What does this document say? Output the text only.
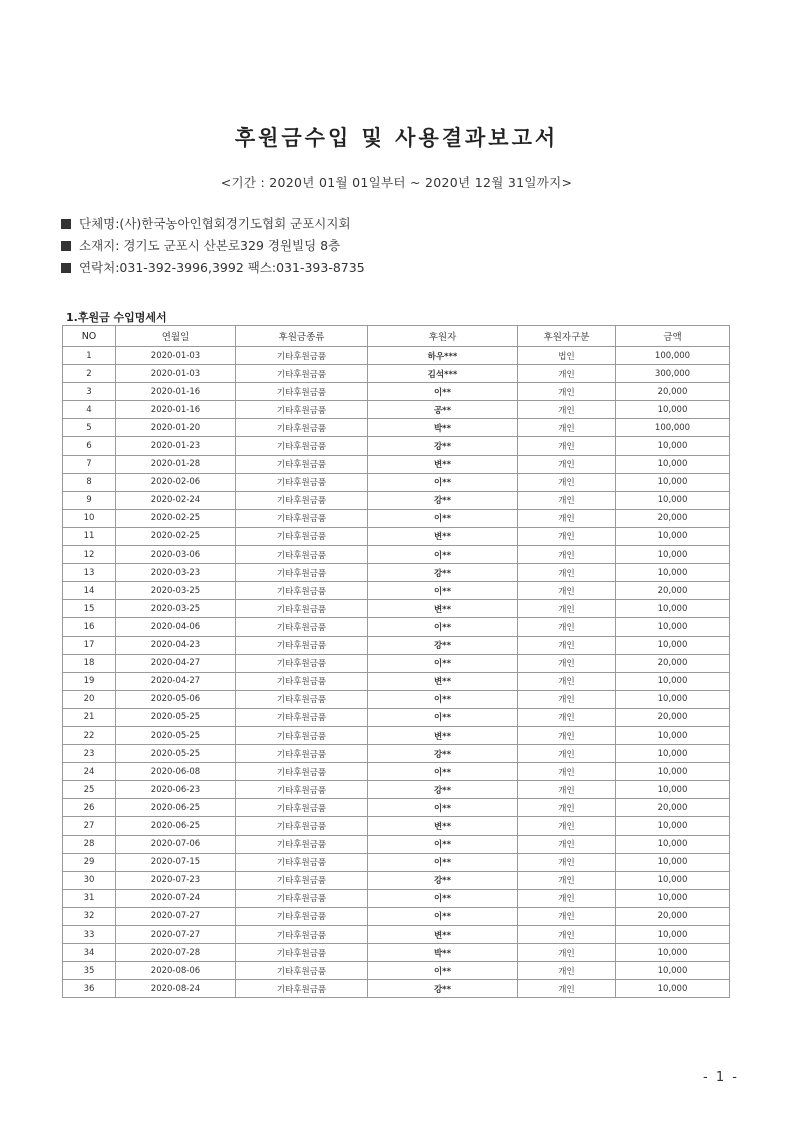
후원금수입 및 사용결과보고서
<기간 : 2020년 01월 01일부터 ~ 2020년 12월 31일까지>
단체명:(사)한국농아인협회경기도협회 군포시지회
소재지: 경기도 군포시 산본로329 경원빌딩 8층
연락처:031-392-3996,3992 팩스:031-393-8735
1.후원금 수입명세서
NO	연월일	후원금종류	후원자	후원자구분	금액
1	2020-01-03	기타후원금품	하우***	법인	100,000
2	2020-01-03	기타후원금품	김석***	개인	300,000
3	2020-01-16	기타후원금품	이**	개인	20,000
4	2020-01-16	기타후원금품	공**	개인	10,000
5	2020-01-20	기타후원금품	박**	개인	100,000
6	2020-01-23	기타후원금품	강**	개인	10,000
7	2020-01-28	기타후원금품	변**	개인	10,000
8	2020-02-06	기타후원금품	이**	개인	10,000
9	2020-02-24	기타후원금품	강**	개인	10,000
10	2020-02-25	기타후원금품	이**	개인	20,000
11	2020-02-25	기타후원금품	변**	개인	10,000
12	2020-03-06	기타후원금품	이**	개인	10,000
13	2020-03-23	기타후원금품	강**	개인	10,000
14	2020-03-25	기타후원금품	이**	개인	20,000
15	2020-03-25	기타후원금품	변**	개인	10,000
16	2020-04-06	기타후원금품	이**	개인	10,000
17	2020-04-23	기타후원금품	강**	개인	10,000
18	2020-04-27	기타후원금품	이**	개인	20,000
19	2020-04-27	기타후원금품	변**	개인	10,000
20	2020-05-06	기타후원금품	이**	개인	10,000
21	2020-05-25	기타후원금품	이**	개인	20,000
22	2020-05-25	기타후원금품	변**	개인	10,000
23	2020-05-25	기타후원금품	강**	개인	10,000
24	2020-06-08	기타후원금품	이**	개인	10,000
25	2020-06-23	기타후원금품	강**	개인	10,000
26	2020-06-25	기타후원금품	이**	개인	20,000
27	2020-06-25	기타후원금품	변**	개인	10,000
28	2020-07-06	기타후원금품	이**	개인	10,000
29	2020-07-15	기타후원금품	이**	개인	10,000
30	2020-07-23	기타후원금품	강**	개인	10,000
31	2020-07-24	기타후원금품	이**	개인	10,000
32	2020-07-27	기타후원금품	이**	개인	20,000
33	2020-07-27	기타후원금품	변**	개인	10,000
34	2020-07-28	기타후원금품	박**	개인	10,000
35	2020-08-06	기타후원금품	이**	개인	10,000
36	2020-08-24	기타후원금품	강**	개인	10,000
- 1 -
